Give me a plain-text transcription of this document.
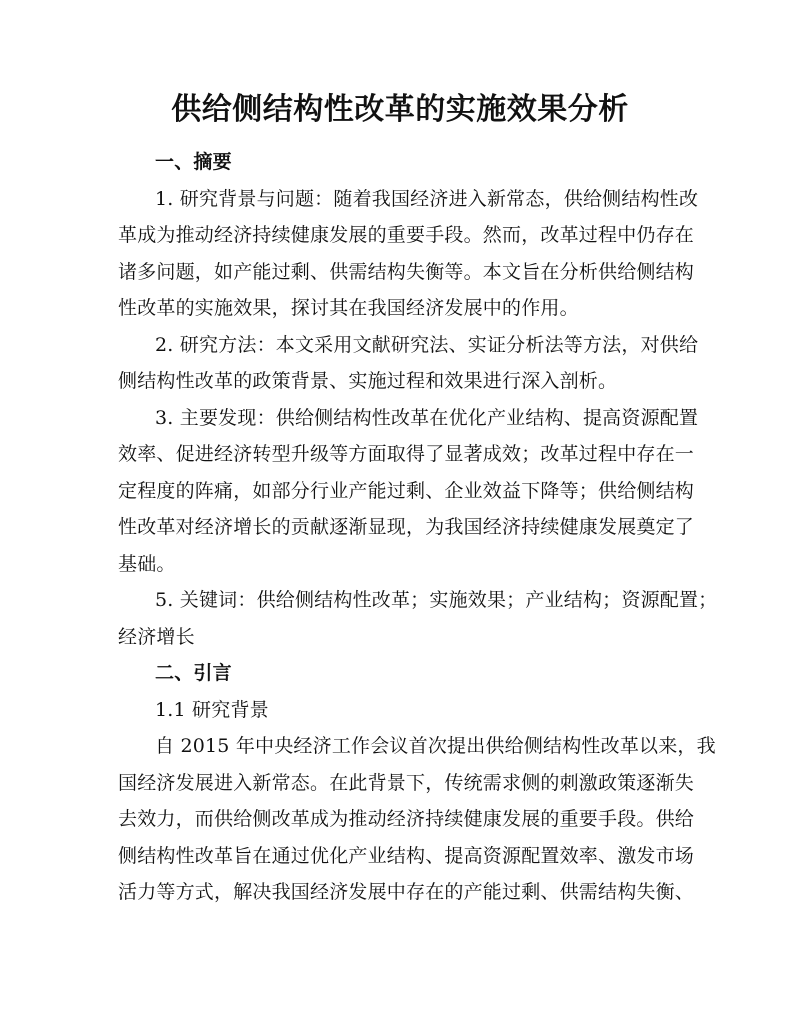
供给侧结构性改革的实施效果分析
一、摘要
1. 研究背景与问题：随着我国经济进入新常态，供给侧结构性改
革成为推动经济持续健康发展的重要手段。然而，改革过程中仍存在
诸多问题，如产能过剩、供需结构失衡等。本文旨在分析供给侧结构
性改革的实施效果，探讨其在我国经济发展中的作用。
2. 研究方法：本文采用文献研究法、实证分析法等方法，对供给
侧结构性改革的政策背景、实施过程和效果进行深入剖析。
3. 主要发现：供给侧结构性改革在优化产业结构、提高资源配置
效率、促进经济转型升级等方面取得了显著成效；改革过程中存在一
定程度的阵痛，如部分行业产能过剩、企业效益下降等；供给侧结构
性改革对经济增长的贡献逐渐显现，为我国经济持续健康发展奠定了
基础。
5. 关键词：供给侧结构性改革；实施效果；产业结构；资源配置；
经济增长
二、引言
1.1 研究背景
自 2015 年中央经济工作会议首次提出供给侧结构性改革以来，我
国经济发展进入新常态。在此背景下，传统需求侧的刺激政策逐渐失
去效力，而供给侧改革成为推动经济持续健康发展的重要手段。供给
侧结构性改革旨在通过优化产业结构、提高资源配置效率、激发市场
活力等方式，解决我国经济发展中存在的产能过剩、供需结构失衡、
